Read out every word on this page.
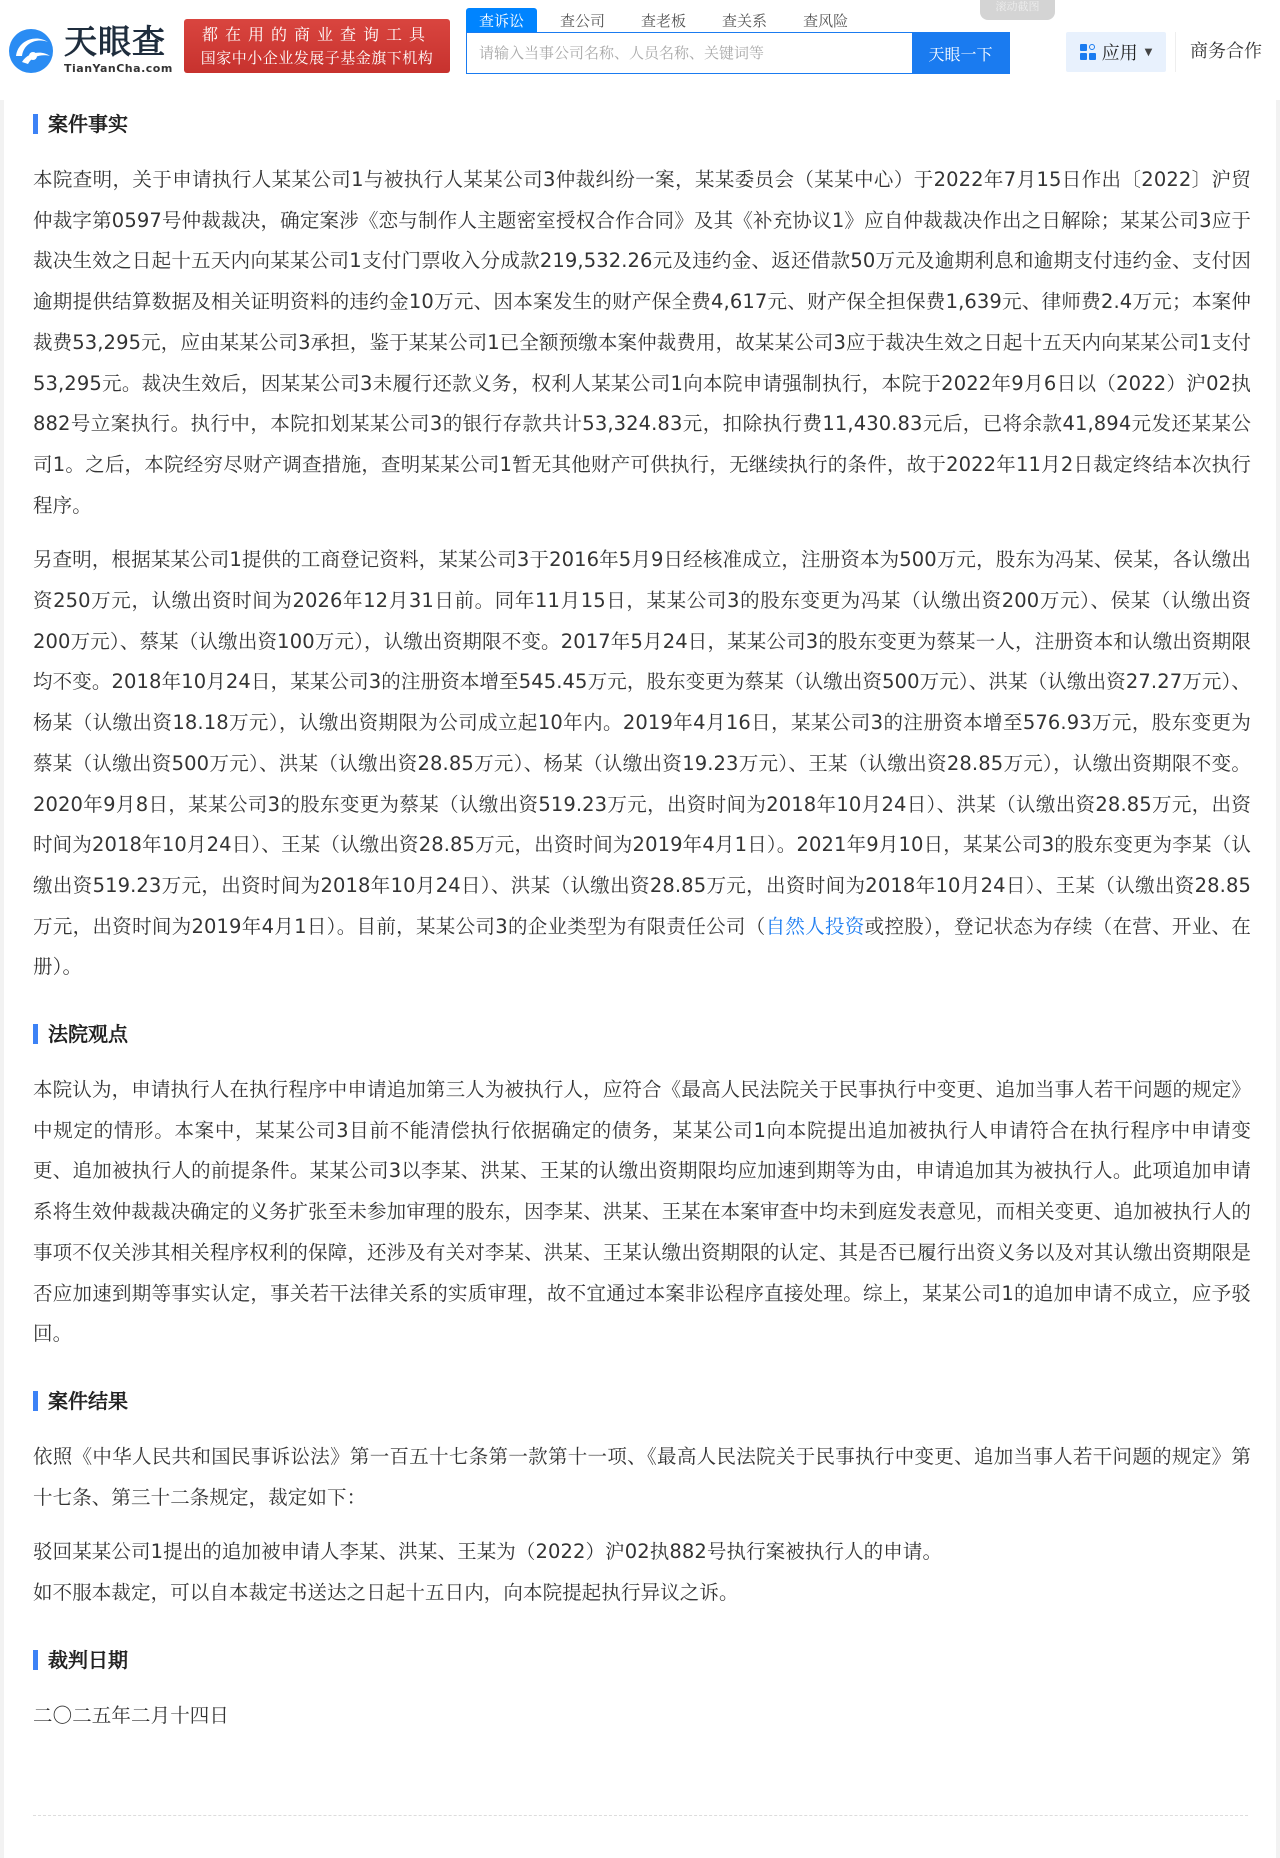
天眼查
TianYanCha.com
都在用的商业查询工具
国家中小企业发展子基金旗下机构
查诉讼	查公司	查老板	查关系	查风险
请输入当事公司名称、人员名称、关键词等
天眼一下
滚动截图
应用 ▼	商务合作
案件事实

本院查明，关于申请执行人某某公司1与被执行人某某公司3仲裁纠纷一案，某某委员会（某某中心）于2022年7月15日作出〔2022〕沪贸仲裁字第0597号仲裁裁决，确定案涉《恋与制作人主题密室授权合作合同》及其《补充协议1》应自仲裁裁决作出之日解除；某某公司3应于裁决生效之日起十五天内向某某公司1支付门票收入分成款219,532.26元及违约金、返还借款50万元及逾期利息和逾期支付违约金、支付因逾期提供结算数据及相关证明资料的违约金10万元、因本案发生的财产保全费4,617元、财产保全担保费1,639元、律师费2.4万元；本案仲裁费53,295元，应由某某公司3承担，鉴于某某公司1已全额预缴本案仲裁费用，故某某公司3应于裁决生效之日起十五天内向某某公司1支付53,295元。裁决生效后，因某某公司3未履行还款义务，权利人某某公司1向本院申请强制执行，本院于2022年9月6日以（2022）沪02执882号立案执行。执行中，本院扣划某某公司3的银行存款共计53,324.83元，扣除执行费11,430.83元后，已将余款41,894元发还某某公司1。之后，本院经穷尽财产调查措施，查明某某公司1暂无其他财产可供执行，无继续执行的条件，故于2022年11月2日裁定终结本次执行程序。

另查明，根据某某公司1提供的工商登记资料，某某公司3于2016年5月9日经核准成立，注册资本为500万元，股东为冯某、侯某，各认缴出资250万元，认缴出资时间为2026年12月31日前。同年11月15日，某某公司3的股东变更为冯某（认缴出资200万元）、侯某（认缴出资200万元）、蔡某（认缴出资100万元），认缴出资期限不变。2017年5月24日，某某公司3的股东变更为蔡某一人，注册资本和认缴出资期限均不变。2018年10月24日，某某公司3的注册资本增至545.45万元，股东变更为蔡某（认缴出资500万元）、洪某（认缴出资27.27万元）、杨某（认缴出资18.18万元），认缴出资期限为公司成立起10年内。2019年4月16日，某某公司3的注册资本增至576.93万元，股东变更为蔡某（认缴出资500万元）、洪某（认缴出资28.85万元）、杨某（认缴出资19.23万元）、王某（认缴出资28.85万元），认缴出资期限不变。2020年9月8日，某某公司3的股东变更为蔡某（认缴出资519.23万元，出资时间为2018年10月24日）、洪某（认缴出资28.85万元，出资时间为2018年10月24日）、王某（认缴出资28.85万元，出资时间为2019年4月1日）。2021年9月10日，某某公司3的股东变更为李某（认缴出资519.23万元，出资时间为2018年10月24日）、洪某（认缴出资28.85万元，出资时间为2018年10月24日）、王某（认缴出资28.85万元，出资时间为2019年4月1日）。目前，某某公司3的企业类型为有限责任公司（自然人投资或控股），登记状态为存续（在营、开业、在册）。

法院观点

本院认为，申请执行人在执行程序中申请追加第三人为被执行人，应符合《最高人民法院关于民事执行中变更、追加当事人若干问题的规定》中规定的情形。本案中，某某公司3目前不能清偿执行依据确定的债务，某某公司1向本院提出追加被执行人申请符合在执行程序中申请变更、追加被执行人的前提条件。某某公司3以李某、洪某、王某的认缴出资期限均应加速到期等为由，申请追加其为被执行人。此项追加申请系将生效仲裁裁决确定的义务扩张至未参加审理的股东，因李某、洪某、王某在本案审查中均未到庭发表意见，而相关变更、追加被执行人的事项不仅关涉其相关程序权利的保障，还涉及有关对李某、洪某、王某认缴出资期限的认定、其是否已履行出资义务以及对其认缴出资期限是否应加速到期等事实认定，事关若干法律关系的实质审理，故不宜通过本案非讼程序直接处理。综上，某某公司1的追加申请不成立，应予驳回。

案件结果

依照《中华人民共和国民事诉讼法》第一百五十七条第一款第十一项、《最高人民法院关于民事执行中变更、追加当事人若干问题的规定》第十七条、第三十二条规定，裁定如下：

驳回某某公司1提出的追加被申请人李某、洪某、王某为（2022）沪02执882号执行案被执行人的申请。

如不服本裁定，可以自本裁定书送达之日起十五日内，向本院提起执行异议之诉。

裁判日期

二〇二五年二月十四日
